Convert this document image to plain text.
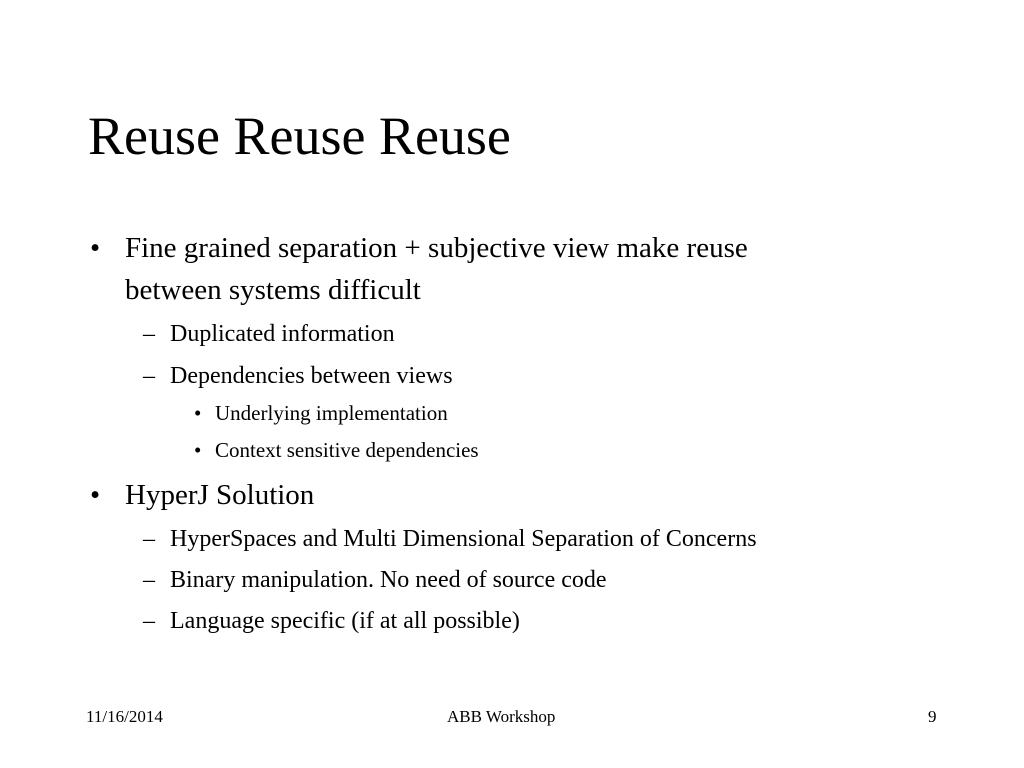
Reuse Reuse Reuse
• Fine grained separation + subjective view make reuse
between systems difficult
– Duplicated information
– Dependencies between views
• Underlying implementation
• Context sensitive dependencies
• HyperJ Solution
– HyperSpaces and Multi Dimensional Separation of Concerns
– Binary manipulation. No need of source code
– Language specific (if at all possible)
11/16/2014	ABB Workshop	9
